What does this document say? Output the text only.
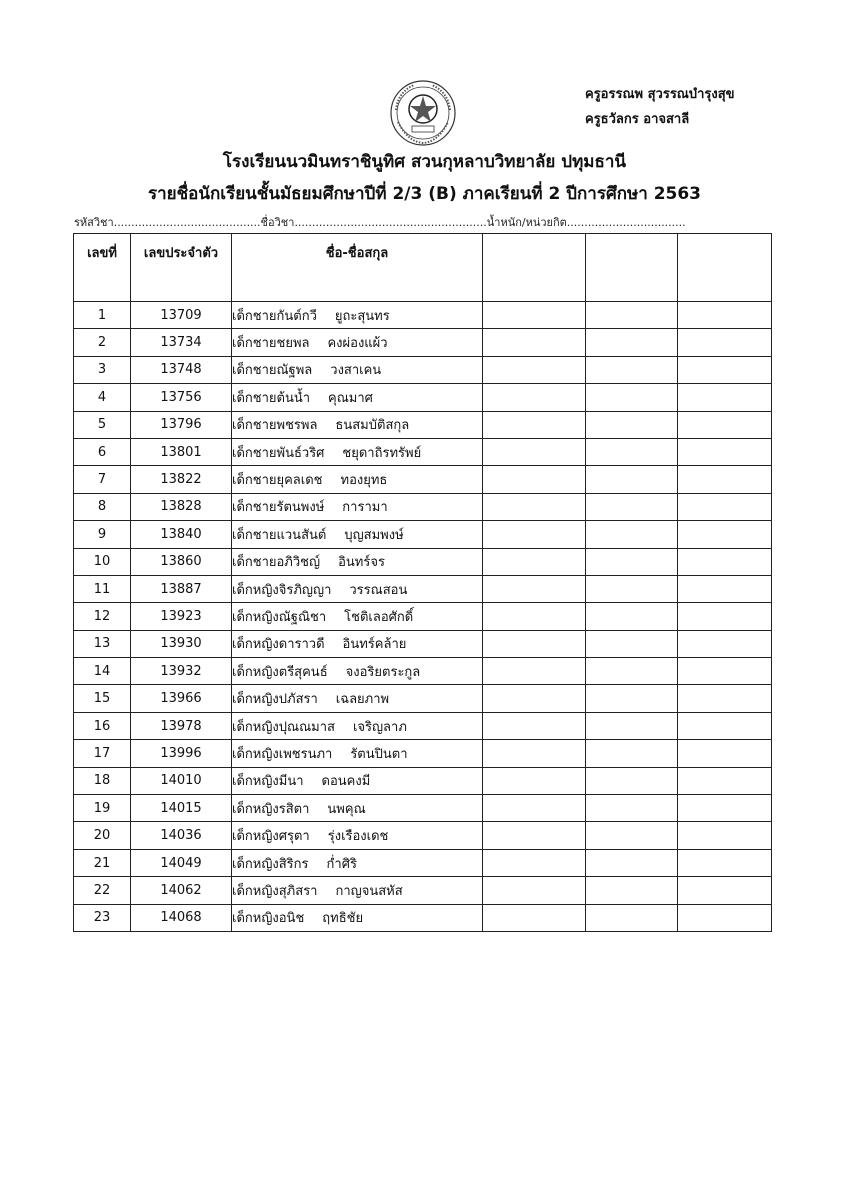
ครูอรรณพ สุวรรณบำรุงสุข
ครูธวัลกร อาจสาลี
โรงเรียนนวมินทราชินูทิศ สวนกุหลาบวิทยาลัย ปทุมธานี
รายชื่อนักเรียนชั้นมัธยมศึกษาปีที่ 2/3 (B) ภาคเรียนที่ 2 ปีการศึกษา 2563
รหัสวิชา..........................................ชื่อวิชา.......................................................น้ำหนัก/หน่วยกิต..................................
เลขที่	เลขประจำตัว	ชื่อ-ชื่อสกุล			
1	13709	เด็กชายกันต์กวี ยูถะสุนทร			
2	13734	เด็กชายชยพล คงผ่องแผ้ว			
3	13748	เด็กชายณัฐพล วงสาเคน			
4	13756	เด็กชายต้นน้ำ คุณมาศ			
5	13796	เด็กชายพชรพล ธนสมบัติสกุล			
6	13801	เด็กชายพันธ์วริศ ชยุดาถิรทรัพย์			
7	13822	เด็กชายยุคลเดช ทองยุทธ			
8	13828	เด็กชายรัตนพงษ์ การามา			
9	13840	เด็กชายแวนสันต์ บุญสมพงษ์			
10	13860	เด็กชายอภิวิชญ์ อินทร์จร			
11	13887	เด็กหญิงจิรภิญญา วรรณสอน			
12	13923	เด็กหญิงณัฐณิชา โชติเลอศักดิ์			
13	13930	เด็กหญิงดาราวดี อินทร์คล้าย			
14	13932	เด็กหญิงตรีสุคนธ์ จงอริยตระกูล			
15	13966	เด็กหญิงปภัสรา เฉลยภาพ			
16	13978	เด็กหญิงปุณณมาส เจริญลาภ			
17	13996	เด็กหญิงเพชรนภา รัตนปินตา			
18	14010	เด็กหญิงมีนา ดอนคงมี			
19	14015	เด็กหญิงรสิตา นพคุณ			
20	14036	เด็กหญิงศรุตา รุ่งเรืองเดช			
21	14049	เด็กหญิงสิริกร ก่ำศิริ			
22	14062	เด็กหญิงสุภิสรา กาญจนสหัส			
23	14068	เด็กหญิงอนิช ฤทธิชัย			
